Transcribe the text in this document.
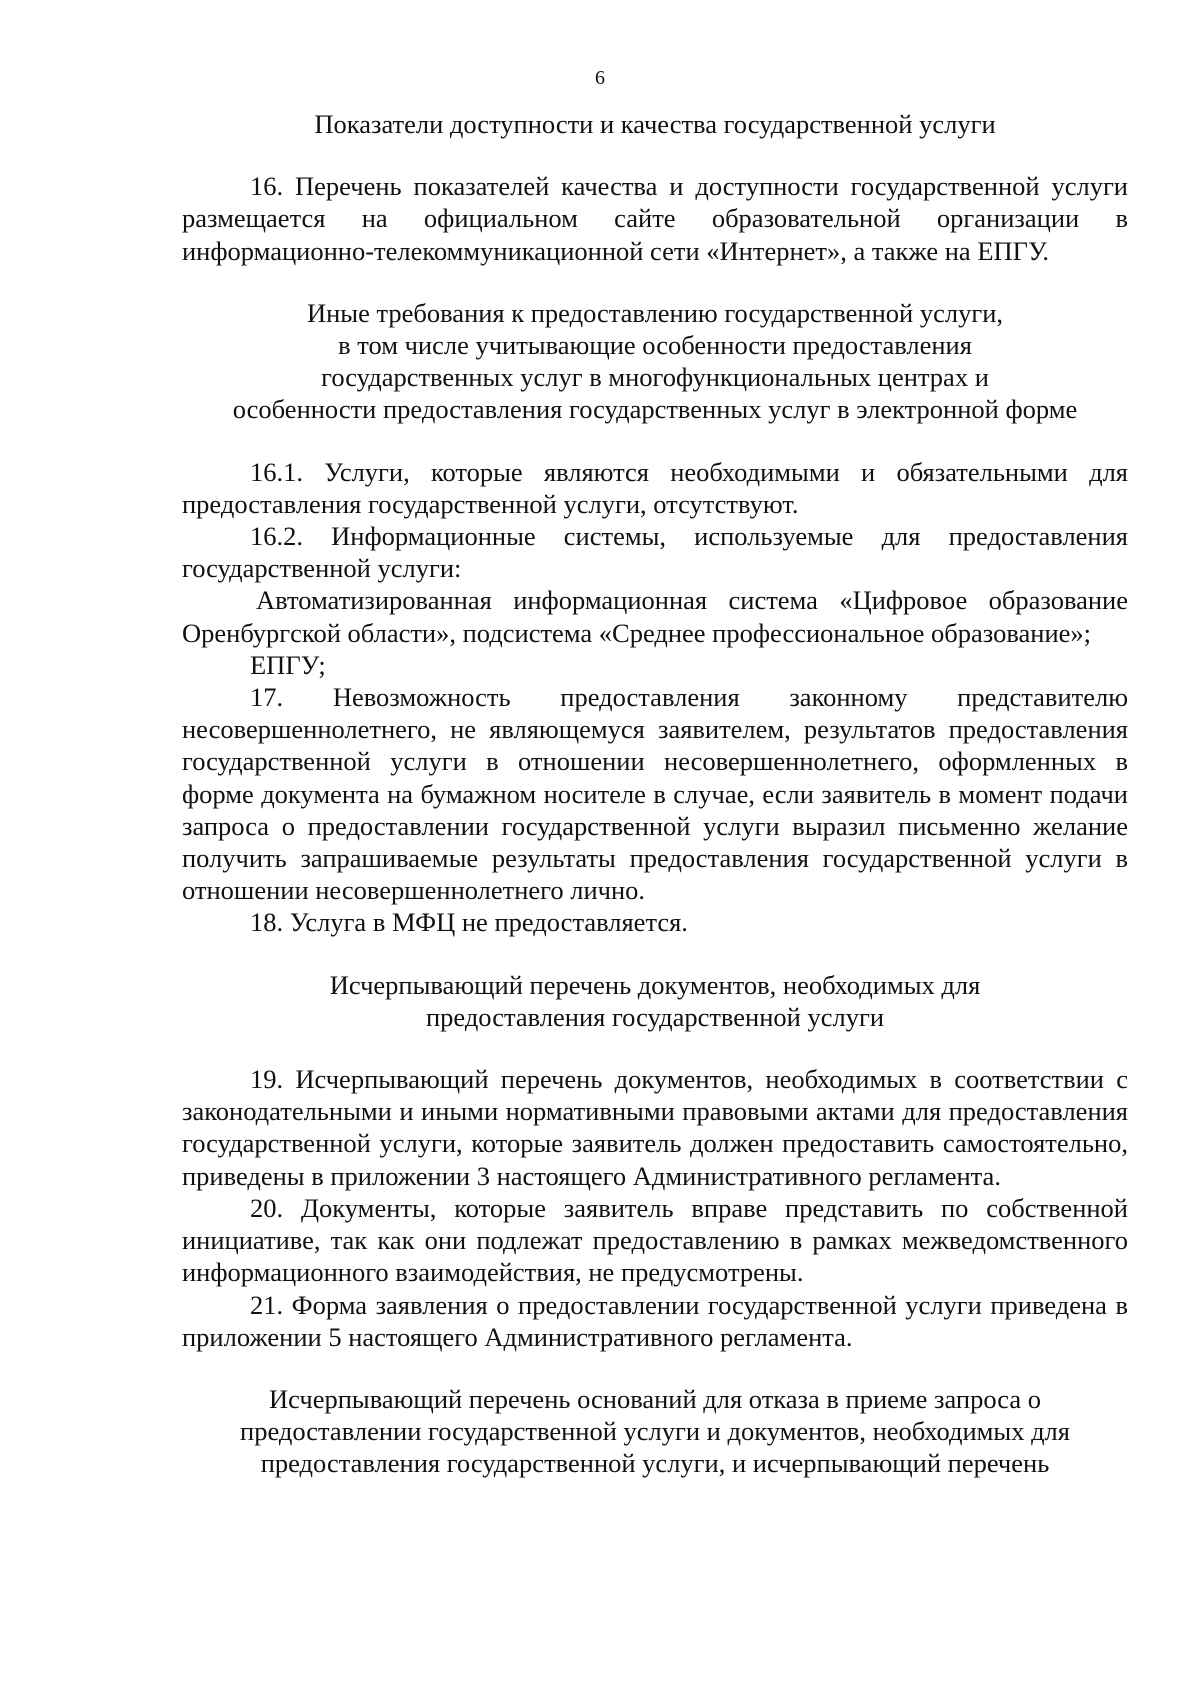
6
Показатели доступности и качества государственной услуги

16. Перечень показателей качества и доступности государственной услуги размещается на официальном сайте образовательной организации в информационно-телекоммуникационной сети «Интернет», а также на ЕПГУ.

Иные требования к предоставлению государственной услуги,
в том числе учитывающие особенности предоставления
государственных услуг в многофункциональных центрах и
особенности предоставления государственных услуг в электронной форме

16.1. Услуги, которые являются необходимыми и обязательными для предоставления государственной услуги, отсутствуют.

16.2. Информационные системы, используемые для предоставления государственной услуги:

Автоматизированная информационная система «Цифровое образование Оренбургской области», подсистема «Среднее профессиональное образование»;

ЕПГУ;

17. Невозможность предоставления законному представителю несовершеннолетнего, не являющемуся заявителем, результатов предоставления государственной услуги в отношении несовершеннолетнего, оформленных в форме документа на бумажном носителе в случае, если заявитель в момент подачи запроса о предоставлении государственной услуги выразил письменно желание получить запрашиваемые результаты предоставления государственной услуги в отношении несовершеннолетнего лично.

18. Услуга в МФЦ не предоставляется.

Исчерпывающий перечень документов, необходимых для
предоставления государственной услуги

19. Исчерпывающий перечень документов, необходимых в соответствии с законодательными и иными нормативными правовыми актами для предоставления государственной услуги, которые заявитель должен предоставить самостоятельно, приведены в приложении 3 настоящего Административного регламента.

20. Документы, которые заявитель вправе представить по собственной инициативе, так как они подлежат предоставлению в рамках межведомственного информационного взаимодействия, не предусмотрены.

21. Форма заявления о предоставлении государственной услуги приведена в приложении 5 настоящего Административного регламента.

Исчерпывающий перечень оснований для отказа в приеме запроса о
предоставлении государственной услуги и документов, необходимых для
предоставления государственной услуги, и исчерпывающий перечень
